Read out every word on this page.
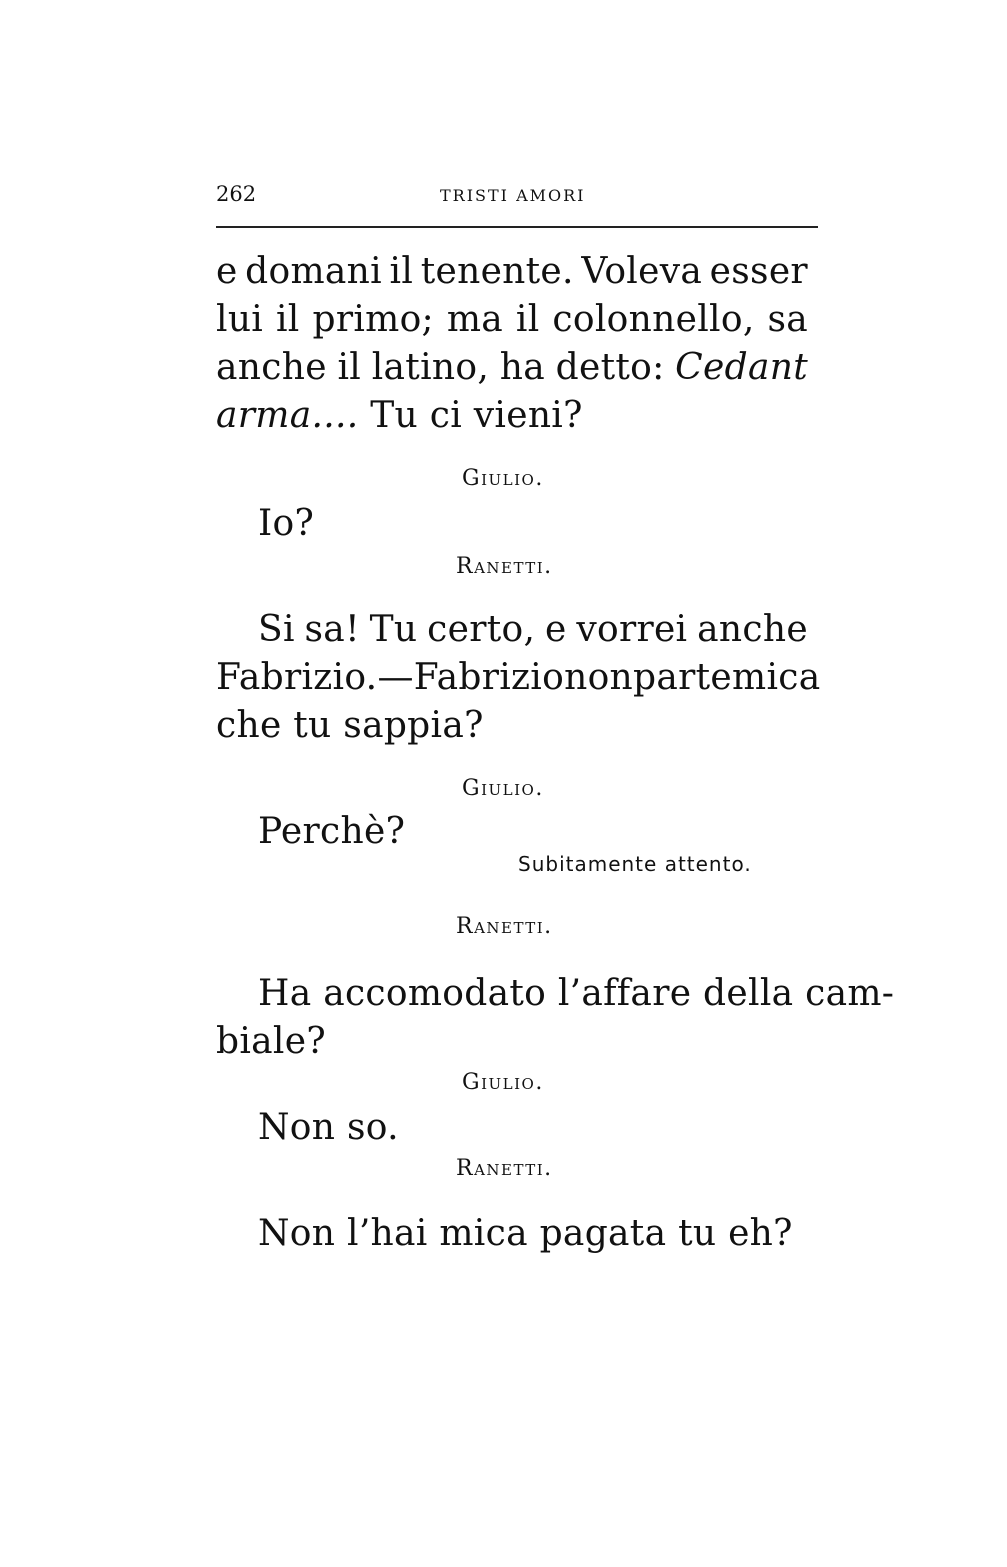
262	TRISTI AMORI
e domani il tenente. Voleva esser
lui il primo; ma il colonnello, sa
anche il latino, ha detto: Cedant
arma.... Tu ci vieni?
Giulio.
Io?
Ranetti.
Si sa! Tu certo, e vorrei anche
Fabrizio. — Fabrizio non parte mica
che tu sappia?
Giulio.
Perchè?
Subitamente attento.
Ranetti.
Ha accomodato l’affare della cam-
biale?
Giulio.
Non so.
Ranetti.
Non l’hai mica pagata tu eh?
